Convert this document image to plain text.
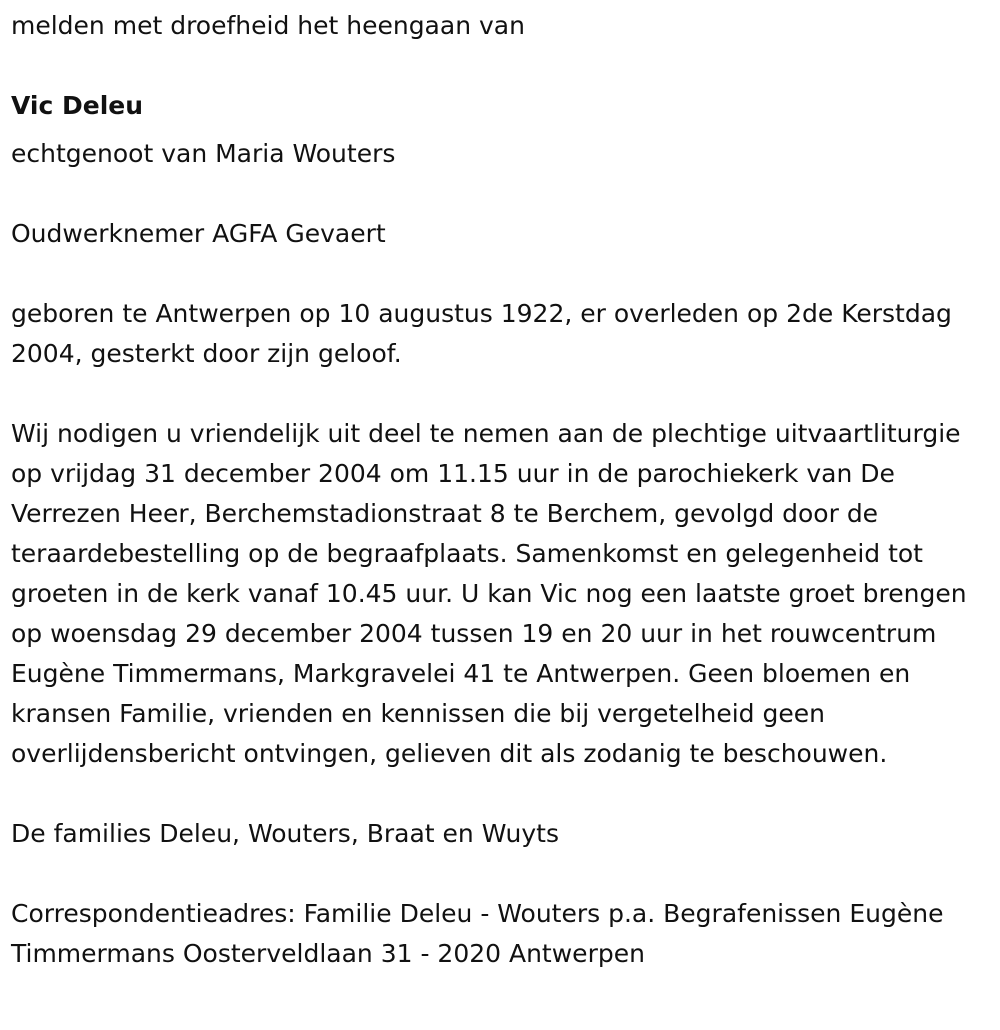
melden met droefheid het heengaan van

Vic Deleu

echtgenoot van Maria Wouters

Oudwerknemer AGFA Gevaert

geboren te Antwerpen op 10 augustus 1922, er overleden op 2de Kerstdag 2004, gesterkt door zijn geloof.

Wij nodigen u vriendelijk uit deel te nemen aan de plechtige uitvaartliturgie op vrijdag 31 december 2004 om 11.15 uur in de parochiekerk van De Verrezen Heer, Berchemstadionstraat 8 te Berchem, gevolgd door de teraardebestelling op de begraafplaats. Samenkomst en gelegenheid tot groeten in de kerk vanaf 10.45 uur. U kan Vic nog een laatste groet brengen op woensdag 29 december 2004 tussen 19 en 20 uur in het rouwcentrum Eugène Timmermans, Markgravelei 41 te Antwerpen. Geen bloemen en kransen Familie, vrienden en kennissen die bij vergetelheid geen overlijdensbericht ontvingen, gelieven dit als zodanig te beschouwen.

De families Deleu, Wouters, Braat en Wuyts

Correspondentieadres: Familie Deleu - Wouters p.a. Begrafenissen Eugène Timmermans Oosterveldlaan 31 - 2020 Antwerpen
